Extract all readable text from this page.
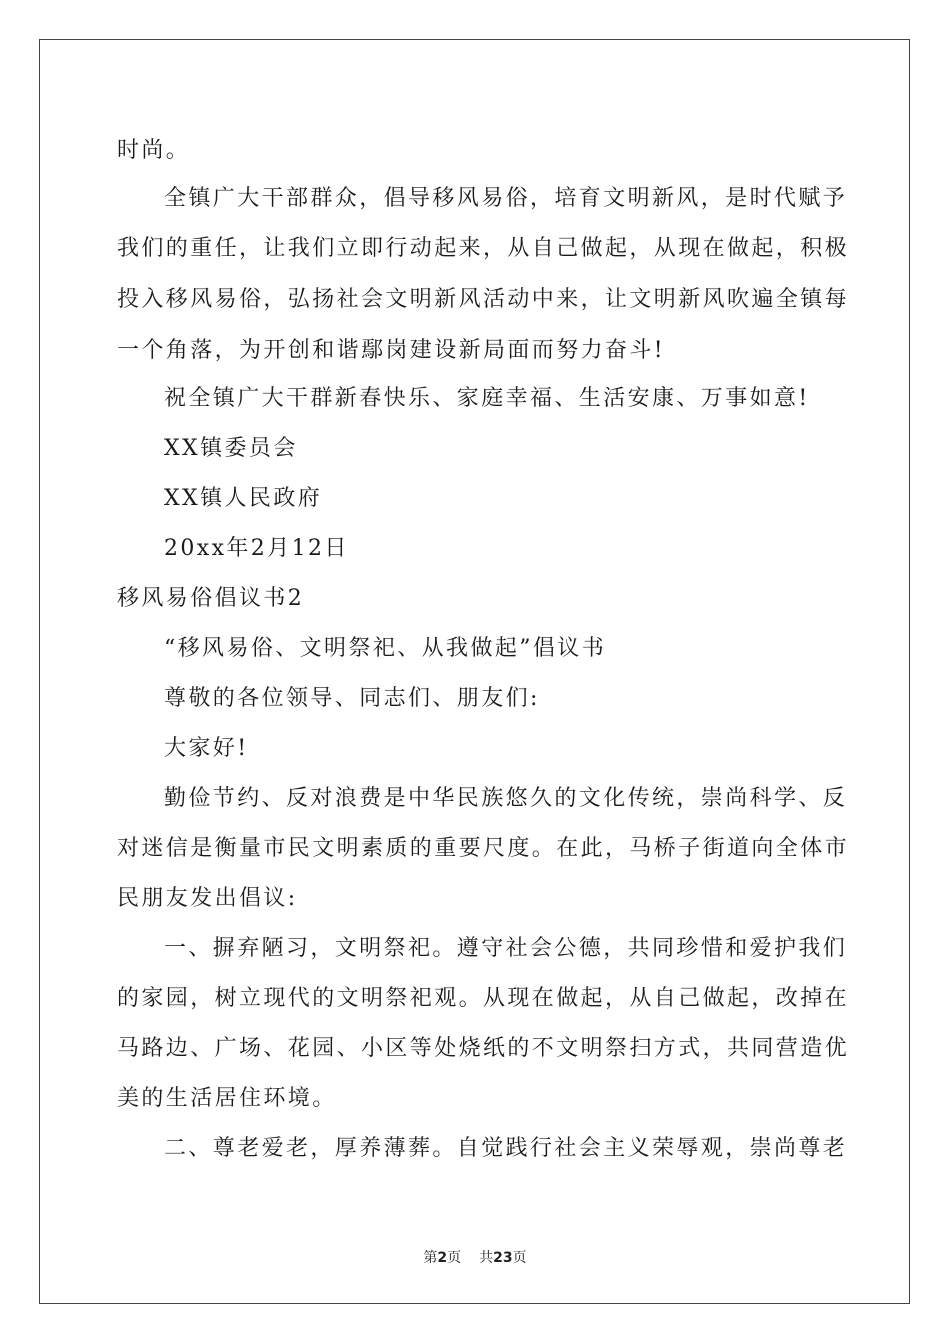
时尚。
全镇广大干部群众，倡导移风易俗，培育文明新风，是时代赋予
我们的重任，让我们立即行动起来，从自己做起，从现在做起，积极
投入移风易俗，弘扬社会文明新风活动中来，让文明新风吹遍全镇每
一个角落，为开创和谐鄢岗建设新局面而努力奋斗!
祝全镇广大干群新春快乐、家庭幸福、生活安康、万事如意!
XX镇委员会
XX镇人民政府
20xx年2月12日
移风易俗倡议书2
“移风易俗、文明祭祀、从我做起”倡议书
尊敬的各位领导、同志们、朋友们:
大家好!
勤俭节约、反对浪费是中华民族悠久的文化传统，崇尚科学、反
对迷信是衡量市民文明素质的重要尺度。在此，马桥子街道向全体市
民朋友发出倡议:
一、摒弃陋习，文明祭祀。遵守社会公德，共同珍惜和爱护我们
的家园，树立现代的文明祭祀观。从现在做起，从自己做起，改掉在
马路边、广场、花园、小区等处烧纸的不文明祭扫方式，共同营造优
美的生活居住环境。
二、尊老爱老，厚养薄葬。自觉践行社会主义荣辱观，崇尚尊老
第2页 共23页
